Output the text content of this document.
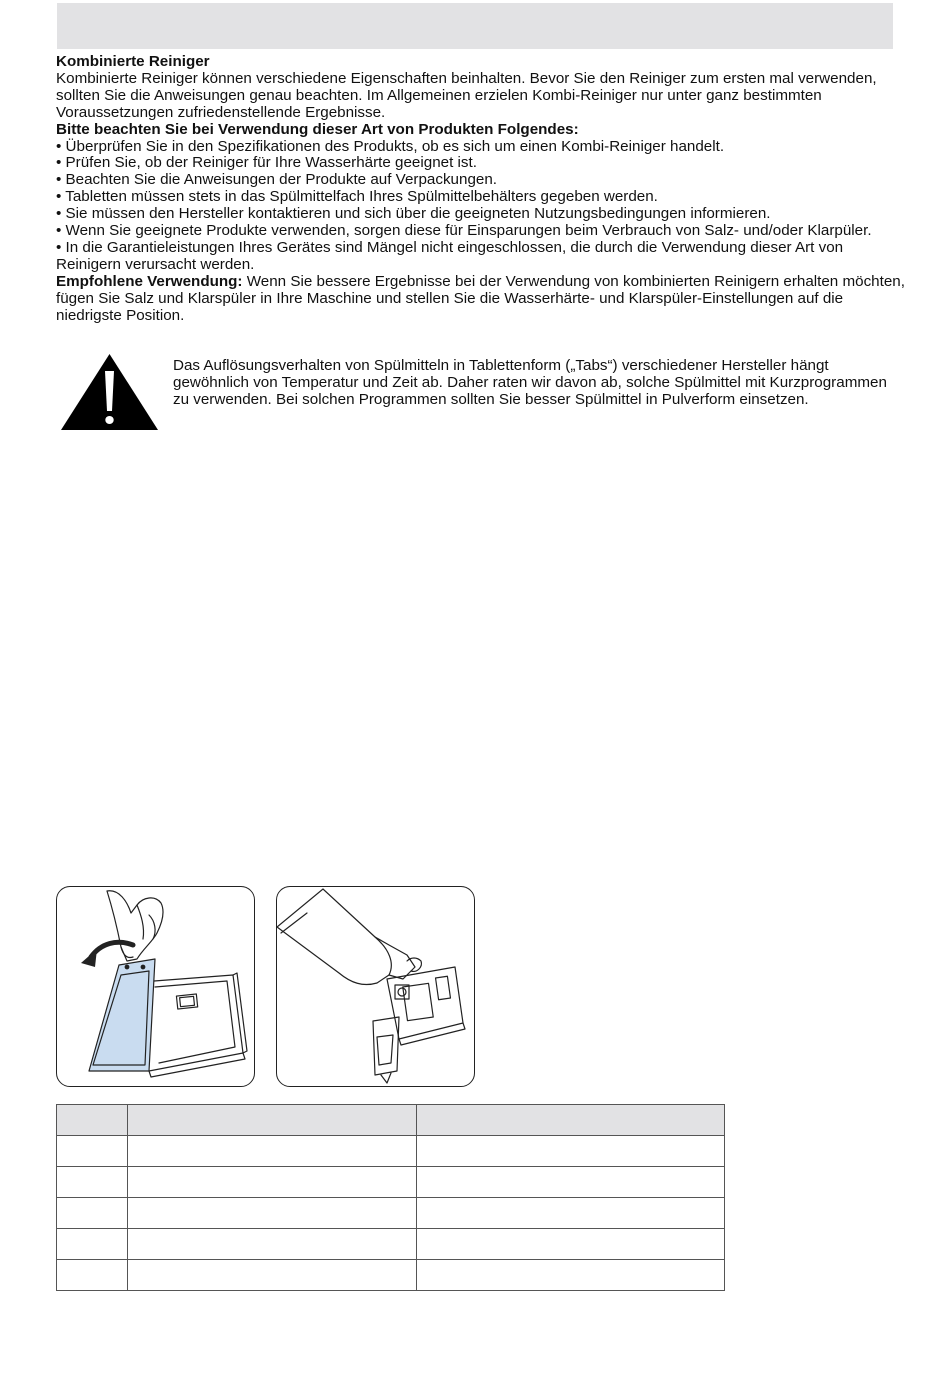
Kombinierte Reiniger

Kombinierte Reiniger können verschiedene Eigenschaften beinhalten. Bevor Sie den Reiniger zum ersten mal verwenden, sollten Sie die Anweisungen genau beachten. Im Allgemeinen erzielen Kombi-Reiniger nur unter ganz bestimmten Voraussetzungen zufriedenstellende Ergebnisse.

Bitte beachten Sie bei Verwendung dieser Art von Produkten Folgendes:

• Überprüfen Sie in den Spezifikationen des Produkts, ob es sich um einen Kombi-Reiniger handelt.

• Prüfen Sie, ob der Reiniger für Ihre Wasserhärte geeignet ist.

• Beachten Sie die Anweisungen der Produkte auf Verpackungen.

• Tabletten müssen stets in das Spülmittelfach Ihres Spülmittelbehälters gegeben werden.

• Sie müssen den Hersteller kontaktieren und sich über die geeigneten Nutzungsbedingungen informieren.

• Wenn Sie geeignete Produkte verwenden, sorgen diese für Einsparungen beim Verbrauch von Salz- und/oder Klarpüler.

• In die Garantieleistungen Ihres Gerätes sind Mängel nicht eingeschlossen, die durch die Verwendung dieser Art von Reinigern verursacht werden.

Empfohlene Verwendung: Wenn Sie bessere Ergebnisse bei der Verwendung von kombinierten Reinigern erhalten möchten, fügen Sie Salz und Klarspüler in Ihre Maschine und stellen Sie die Wasserhärte- und Klarspüler-Einstellungen auf die niedrigste Position.

Das Auflösungsverhalten von Spülmitteln in Tablettenform („Tabs“) verschiedener Hersteller hängt gewöhnlich von Temperatur und Zeit ab. Daher raten wir davon ab, solche Spülmittel mit Kurzprogrammen zu verwenden. Bei solchen Programmen sollten Sie besser Spülmittel in Pulverform einsetzen.
